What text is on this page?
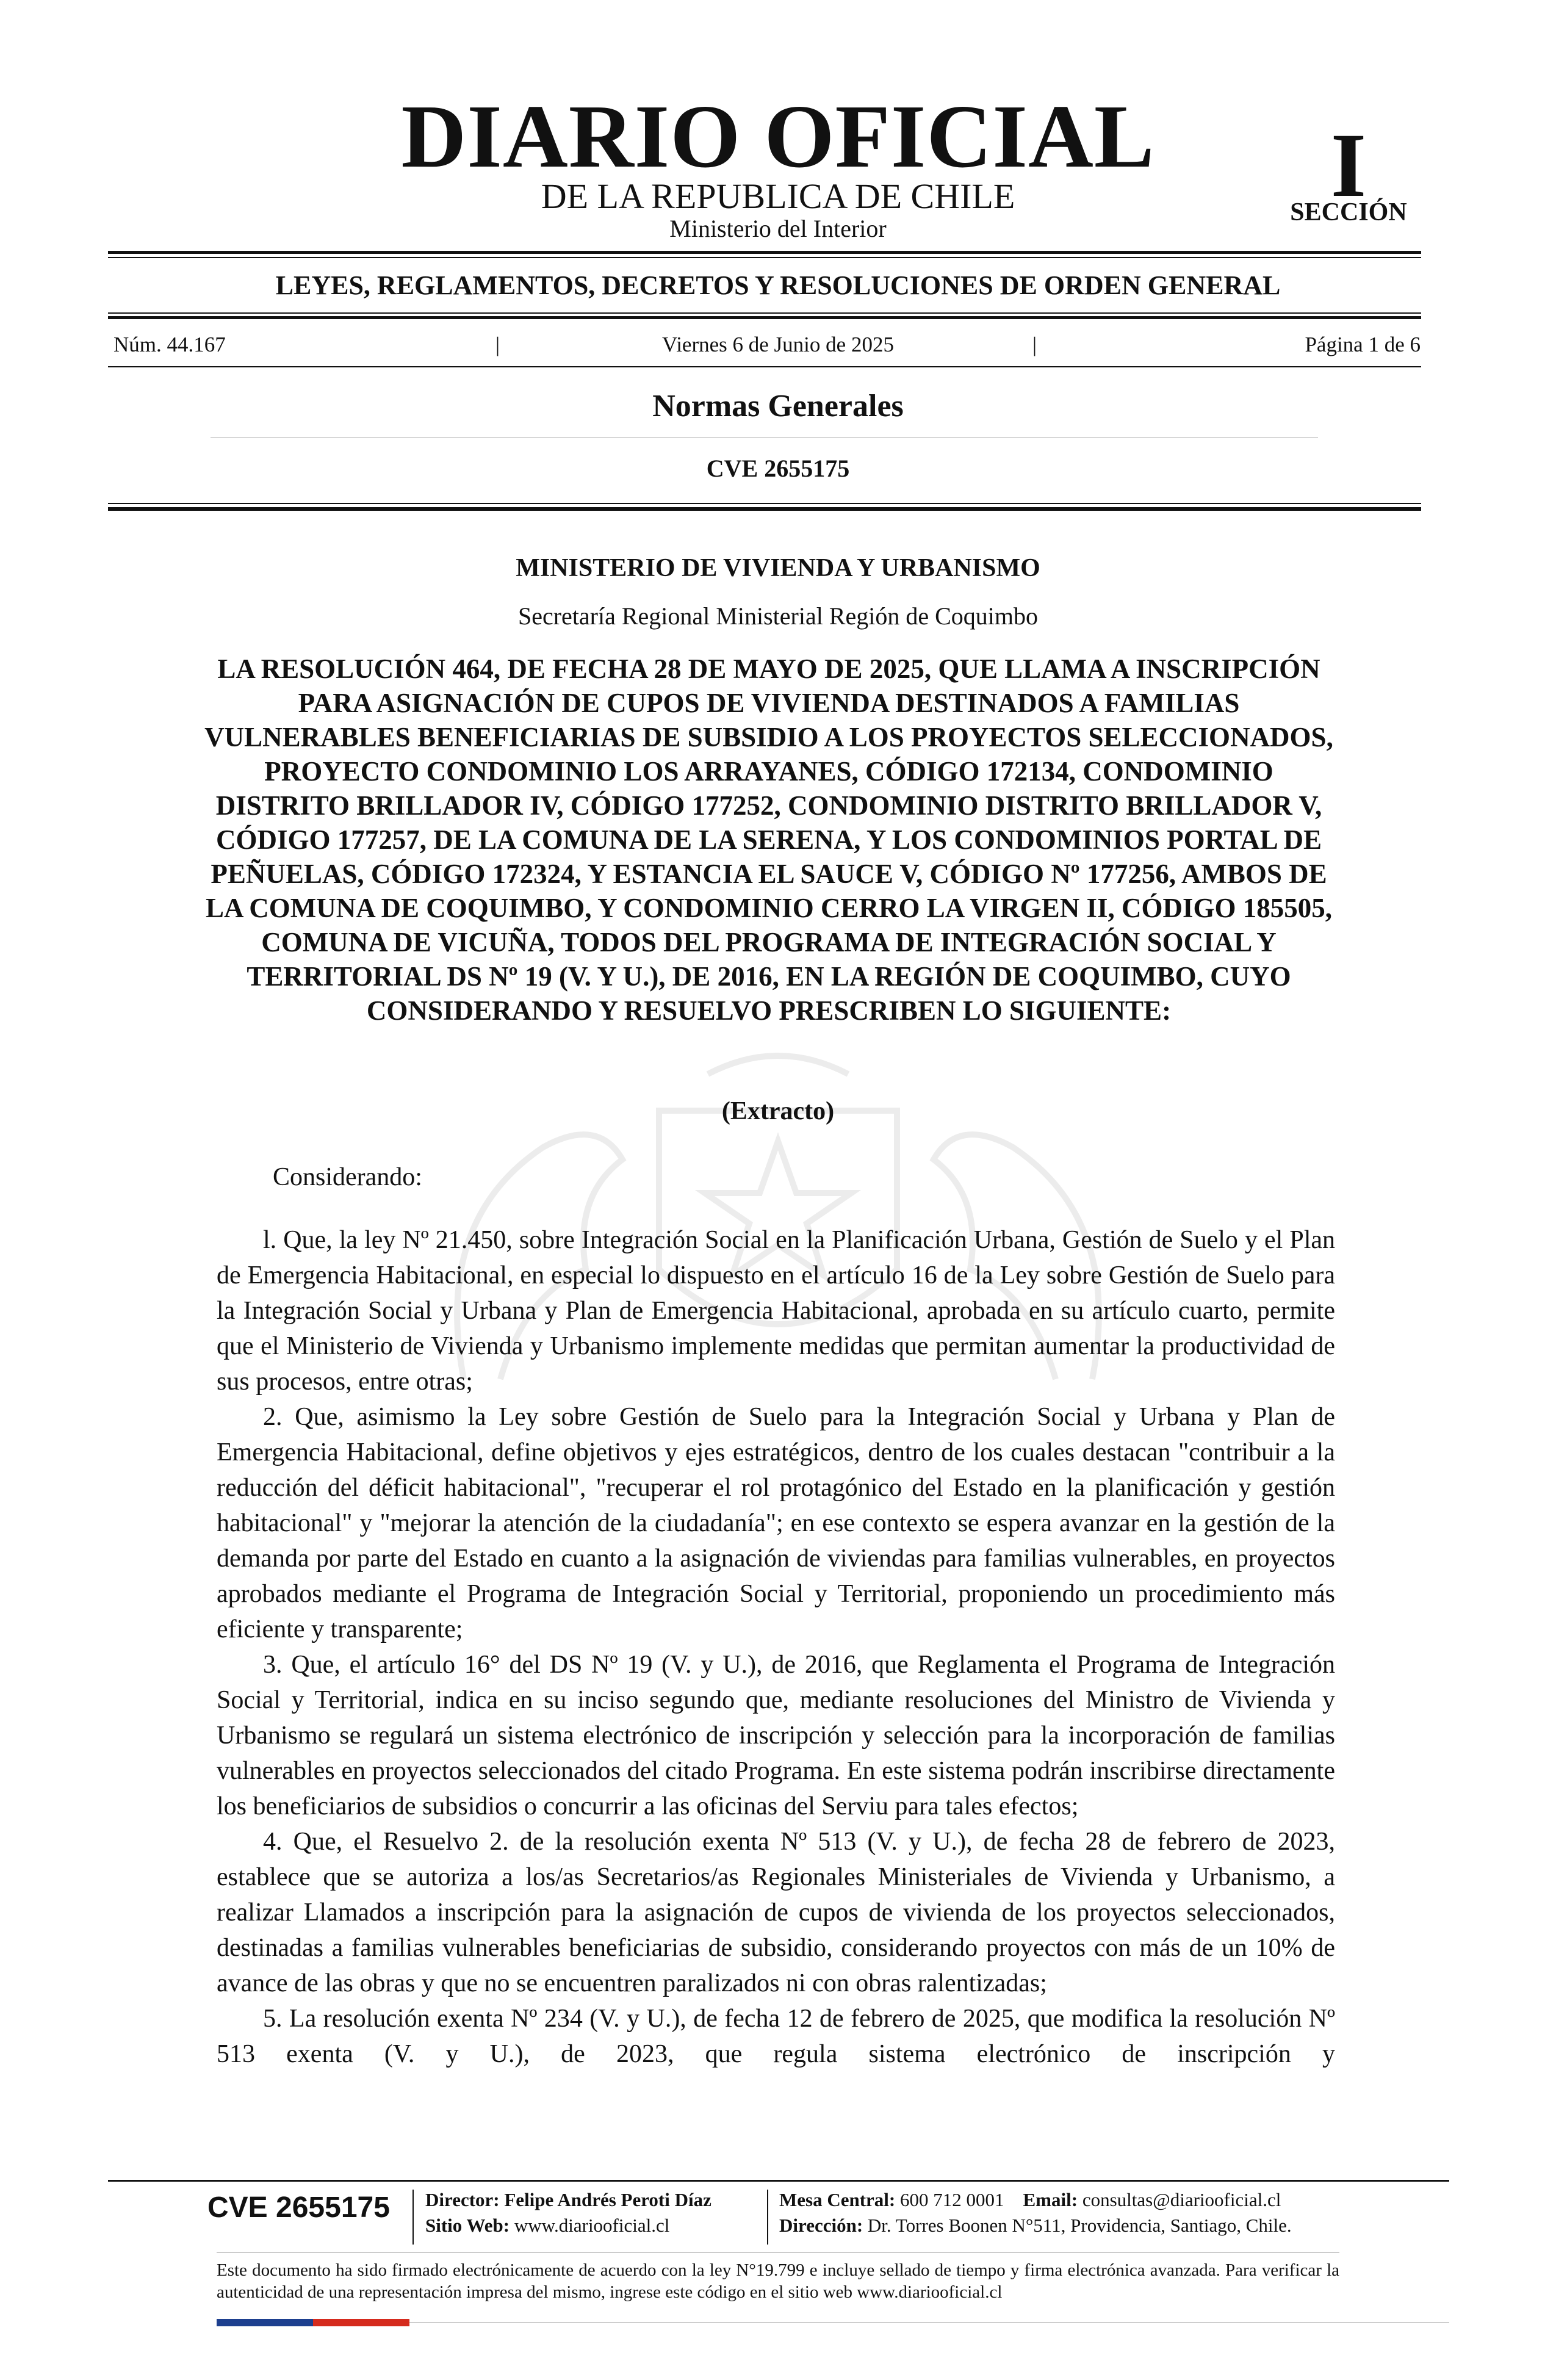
DIARIO OFICIAL
DE LA REPUBLICA DE CHILE
Ministerio del Interior
I
SECCIÓN
LEYES, REGLAMENTOS, DECRETOS Y RESOLUCIONES DE ORDEN GENERAL
Núm. 44.167	|	Viernes 6 de Junio de 2025	|	Página 1 de 6
Normas Generales
CVE 2655175
MINISTERIO DE VIVIENDA Y URBANISMO
Secretaría Regional Ministerial Región de Coquimbo

LA RESOLUCIÓN 464, DE FECHA 28 DE MAYO DE 2025, QUE LLAMA A INSCRIPCIÓN PARA ASIGNACIÓN DE CUPOS DE VIVIENDA DESTINADOS A FAMILIAS VULNERABLES BENEFICIARIAS DE SUBSIDIO A LOS PROYECTOS SELECCIONADOS, PROYECTO CONDOMINIO LOS ARRAYANES, CÓDIGO 172134, CONDOMINIO DISTRITO BRILLADOR IV, CÓDIGO 177252, CONDOMINIO DISTRITO BRILLADOR V, CÓDIGO 177257, DE LA COMUNA DE LA SERENA, Y LOS CONDOMINIOS PORTAL DE PEÑUELAS, CÓDIGO 172324, Y ESTANCIA EL SAUCE V, CÓDIGO Nº 177256, AMBOS DE LA COMUNA DE COQUIMBO, Y CONDOMINIO CERRO LA VIRGEN II, CÓDIGO 185505, COMUNA DE VICUÑA, TODOS DEL PROGRAMA DE INTEGRACIÓN SOCIAL Y TERRITORIAL DS Nº 19 (V. Y U.), DE 2016, EN LA REGIÓN DE COQUIMBO, CUYO CONSIDERANDO Y RESUELVO PRESCRIBEN LO SIGUIENTE:

(Extracto)
Considerando:

l. Que, la ley Nº 21.450, sobre Integración Social en la Planificación Urbana, Gestión de Suelo y el Plan de Emergencia Habitacional, en especial lo dispuesto en el artículo 16 de la Ley sobre Gestión de Suelo para la Integración Social y Urbana y Plan de Emergencia Habitacional, aprobada en su artículo cuarto, permite que el Ministerio de Vivienda y Urbanismo implemente medidas que permitan aumentar la productividad de sus procesos, entre otras;

2. Que, asimismo la Ley sobre Gestión de Suelo para la Integración Social y Urbana y Plan de Emergencia Habitacional, define objetivos y ejes estratégicos, dentro de los cuales destacan "contribuir a la reducción del déficit habitacional", "recuperar el rol protagónico del Estado en la planificación y gestión habitacional" y "mejorar la atención de la ciudadanía"; en ese contexto se espera avanzar en la gestión de la demanda por parte del Estado en cuanto a la asignación de viviendas para familias vulnerables, en proyectos aprobados mediante el Programa de Integración Social y Territorial, proponiendo un procedimiento más eficiente y transparente;

3. Que, el artículo 16° del DS Nº 19 (V. y U.), de 2016, que Reglamenta el Programa de Integración Social y Territorial, indica en su inciso segundo que, mediante resoluciones del Ministro de Vivienda y Urbanismo se regulará un sistema electrónico de inscripción y selección para la incorporación de familias vulnerables en proyectos seleccionados del citado Programa. En este sistema podrán inscribirse directamente los beneficiarios de subsidios o concurrir a las oficinas del Serviu para tales efectos;

4. Que, el Resuelvo 2. de la resolución exenta Nº 513 (V. y U.), de fecha 28 de febrero de 2023, establece que se autoriza a los/as Secretarios/as Regionales Ministeriales de Vivienda y Urbanismo, a realizar Llamados a inscripción para la asignación de cupos de vivienda de los proyectos seleccionados, destinadas a familias vulnerables beneficiarias de subsidio, considerando proyectos con más de un 10% de avance de las obras y que no se encuentren paralizados ni con obras ralentizadas;

5. La resolución exenta Nº 234 (V. y U.), de fecha 12 de febrero de 2025, que modifica la resolución Nº 513 exenta (V. y U.), de 2023, que regula sistema electrónico de inscripción y

CVE 2655175 Director: Felipe Andrés Peroti Díaz
Sitio Web: www.diariooficial.cl
Mesa Central: 600 712 0001 Email: consultas@diariooficial.cl
Dirección: Dr. Torres Boonen N°511, Providencia, Santiago, Chile.

Este documento ha sido firmado electrónicamente de acuerdo con la ley N°19.799 e incluye sellado de tiempo y firma electrónica avanzada. Para verificar la autenticidad de una representación impresa del mismo, ingrese este código en el sitio web www.diariooficial.cl
